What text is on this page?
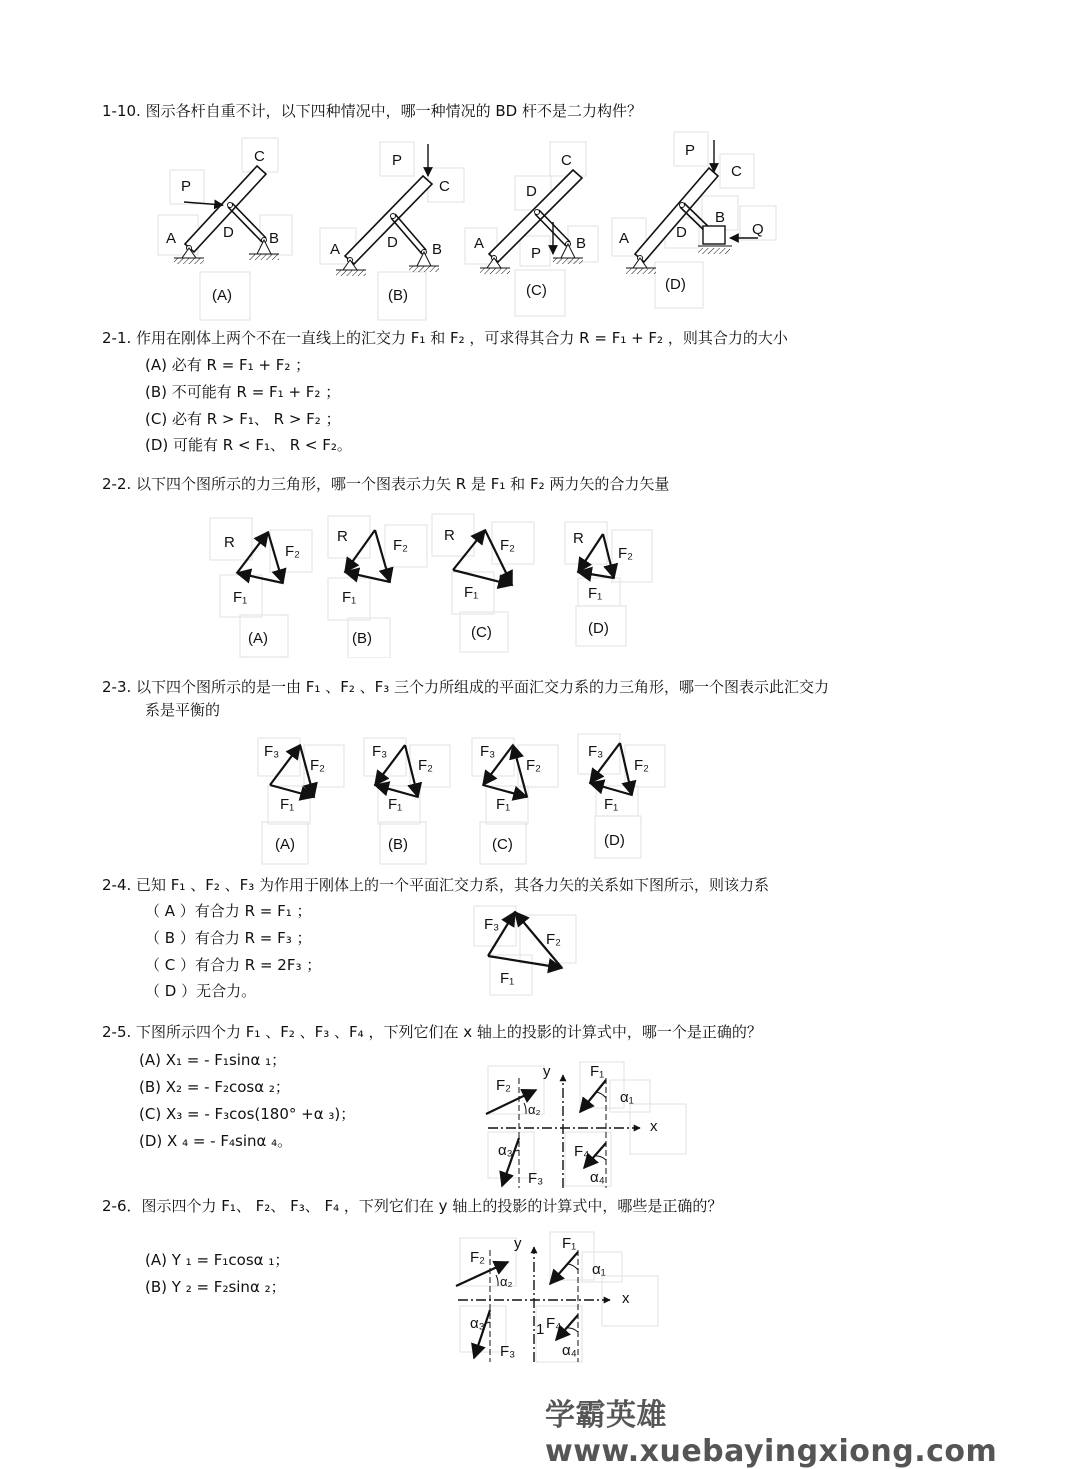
1-10. 图示各杆自重不计，以下四种情况中，哪一种情况的 BD 杆不是二力构件？
P
C
A	D B
(A)
P
C
A	D B
(B)
C
D
A
P
B
(C)
P
C
B
A	D	Q
(D)
2-1. 作用在刚体上两个不在一直线上的汇交力 F₁ 和 F₂ ，可求得其合力 R = F₁ + F₂ ，则其合力的大小
(A) 必有 R = F₁ + F₂ ；
(B) 不可能有 R = F₁ + F₂ ；
(C) 必有 R > F₁、 R > F₂ ；
(D) 可能有 R < F₁、 R < F₂。
2-2. 以下四个图所示的力三角形，哪一个图表示力矢 R 是 F₁ 和 F₂ 两力矢的合力矢量
R
F₂
F₁
(A)
R
F₂
F₁
(B)
R
F₂
F₁
(C)
R
F₂
F₁
(D)
2-3. 以下四个图所示的是一由 F₁ 、F₂ 、F₃ 三个力所组成的平面汇交力系的力三角形，哪一个图表示此汇交力
系是平衡的
F₃
F₂
F₁
(A)
F₃
F₂
F₁
(B)
F₃
F₂
F₁
(C)
F₃
F₂
F₁
(D)
2-4. 已知 F₁ 、F₂ 、F₃ 为作用于刚体上的一个平面汇交力系，其各力矢的关系如下图所示，则该力系
（ A ）有合力 R = F₁ ；
（ B ）有合力 R = F₃ ；
（ C ）有合力 R = 2F₃ ；
（ D ）无合力。
F₃
F₂
F₁
2-5. 下图所示四个力 F₁ 、F₂ 、F₃ 、F₄ ，下列它们在 x 轴上的投影的计算式中，哪一个是正确的？
(A) X₁ = - F₁sinα ₁；
(B) X₂ = - F₂cosα ₂；
(C) X₃ = - F₃cos(180° +α ₃)；
(D) X ₄ = - F₄sinα ₄。
F₂
y	F₁
α₁
α₂
x
α₃	F₄
F₃	α₄
2-6．图示四个力 F₁、 F₂、 F₃、 F₄ ，下列它们在 y 轴上的投影的计算式中，哪些是正确的？
(A) Y ₁ = F₁cosα ₁；
(B) Y ₂ = F₂sinα ₂；
F₂
y	F₁
α₁
α₂
x
α₃	1 F₄
F₃	α₄
学霸英雄 www.xuebayingxiong.com
